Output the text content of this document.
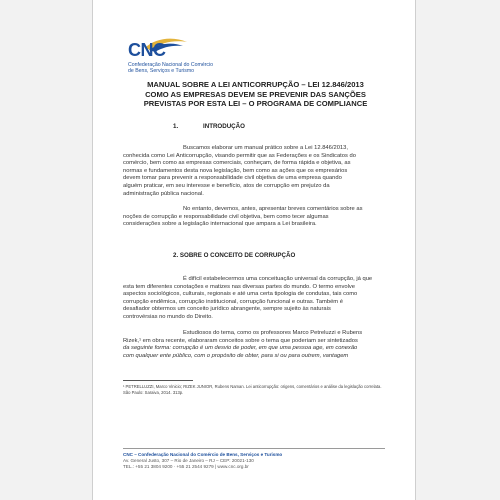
CNC
Confederação Nacional do Comércio
de Bens, Serviços e Turismo
MANUAL SOBRE A LEI ANTICORRUPÇÃO – LEI 12.846/2013
COMO AS EMPRESAS DEVEM SE PREVENIR DAS SANÇÕES
PREVISTAS POR ESTA LEI – O PROGRAMA DE COMPLIANCE
1.	INTRODUÇÃO
Buscamos elaborar um manual prático sobre a Lei 12.846/2013,
conhecida como Lei Anticorrupção, visando permitir que as Federações e os Sindicatos do
comércio, bem como as empresas comerciais, conheçam, de forma rápida e objetiva, as
normas e fundamentos desta nova legislação, bem como as ações que os empresários
devem tomar para prevenir a responsabilidade civil objetiva de uma empresa quando
alguém praticar, em seu interesse e benefício, atos de corrupção em prejuízo da
administração pública nacional.
No entanto, devemos, antes, apresentar breves comentários sobre as
noções de corrupção e responsabilidade civil objetiva, bem como tecer algumas
considerações sobre a legislação internacional que ampara a Lei brasileira.
2. SOBRE O CONCEITO DE CORRUPÇÃO
É difícil estabelecermos uma conceituação universal da corrupção, já que
esta tem diferentes conotações e matizes nas diversas partes do mundo. O termo envolve
aspectos sociológicos, culturais, regionais e até uma certa tipologia de condutas, tais como
corrupção endêmica, corrupção institucional, corrupção funcional e outras. Também é
desafiador obtermos um conceito jurídico abrangente, sempre sujeito às naturais
controvérsias no mundo do Direito.
Estudiosos do tema, como os professores Marco Petreluzzi e Rubens
Rizek,¹ em obra recente, elaboraram conceitos sobre o tema que poderiam ser sintetizados
da seguinte forma: corrupção é um desvio de poder, em que uma pessoa age, em conexão
com qualquer ente público, com o propósito de obter, para si ou para outrem, vantagem
¹ PETRELLUZZI, Marco Vinicio; RIZEK JUNIOR, Rubens Naman. Lei anticorrupção: origens, comentários e análise da legislação correlata.
São Paulo: Saraiva, 2014. 313p.
CNC – Confederação Nacional do Comércio de Bens, Serviços e Turismo
Av. General Justo, 307 – Rio de Janeiro – RJ – CEP: 20021-130
TEL.: +55 21 3804 9200 · +55 21 2544 9279 | www.cnc.org.br
